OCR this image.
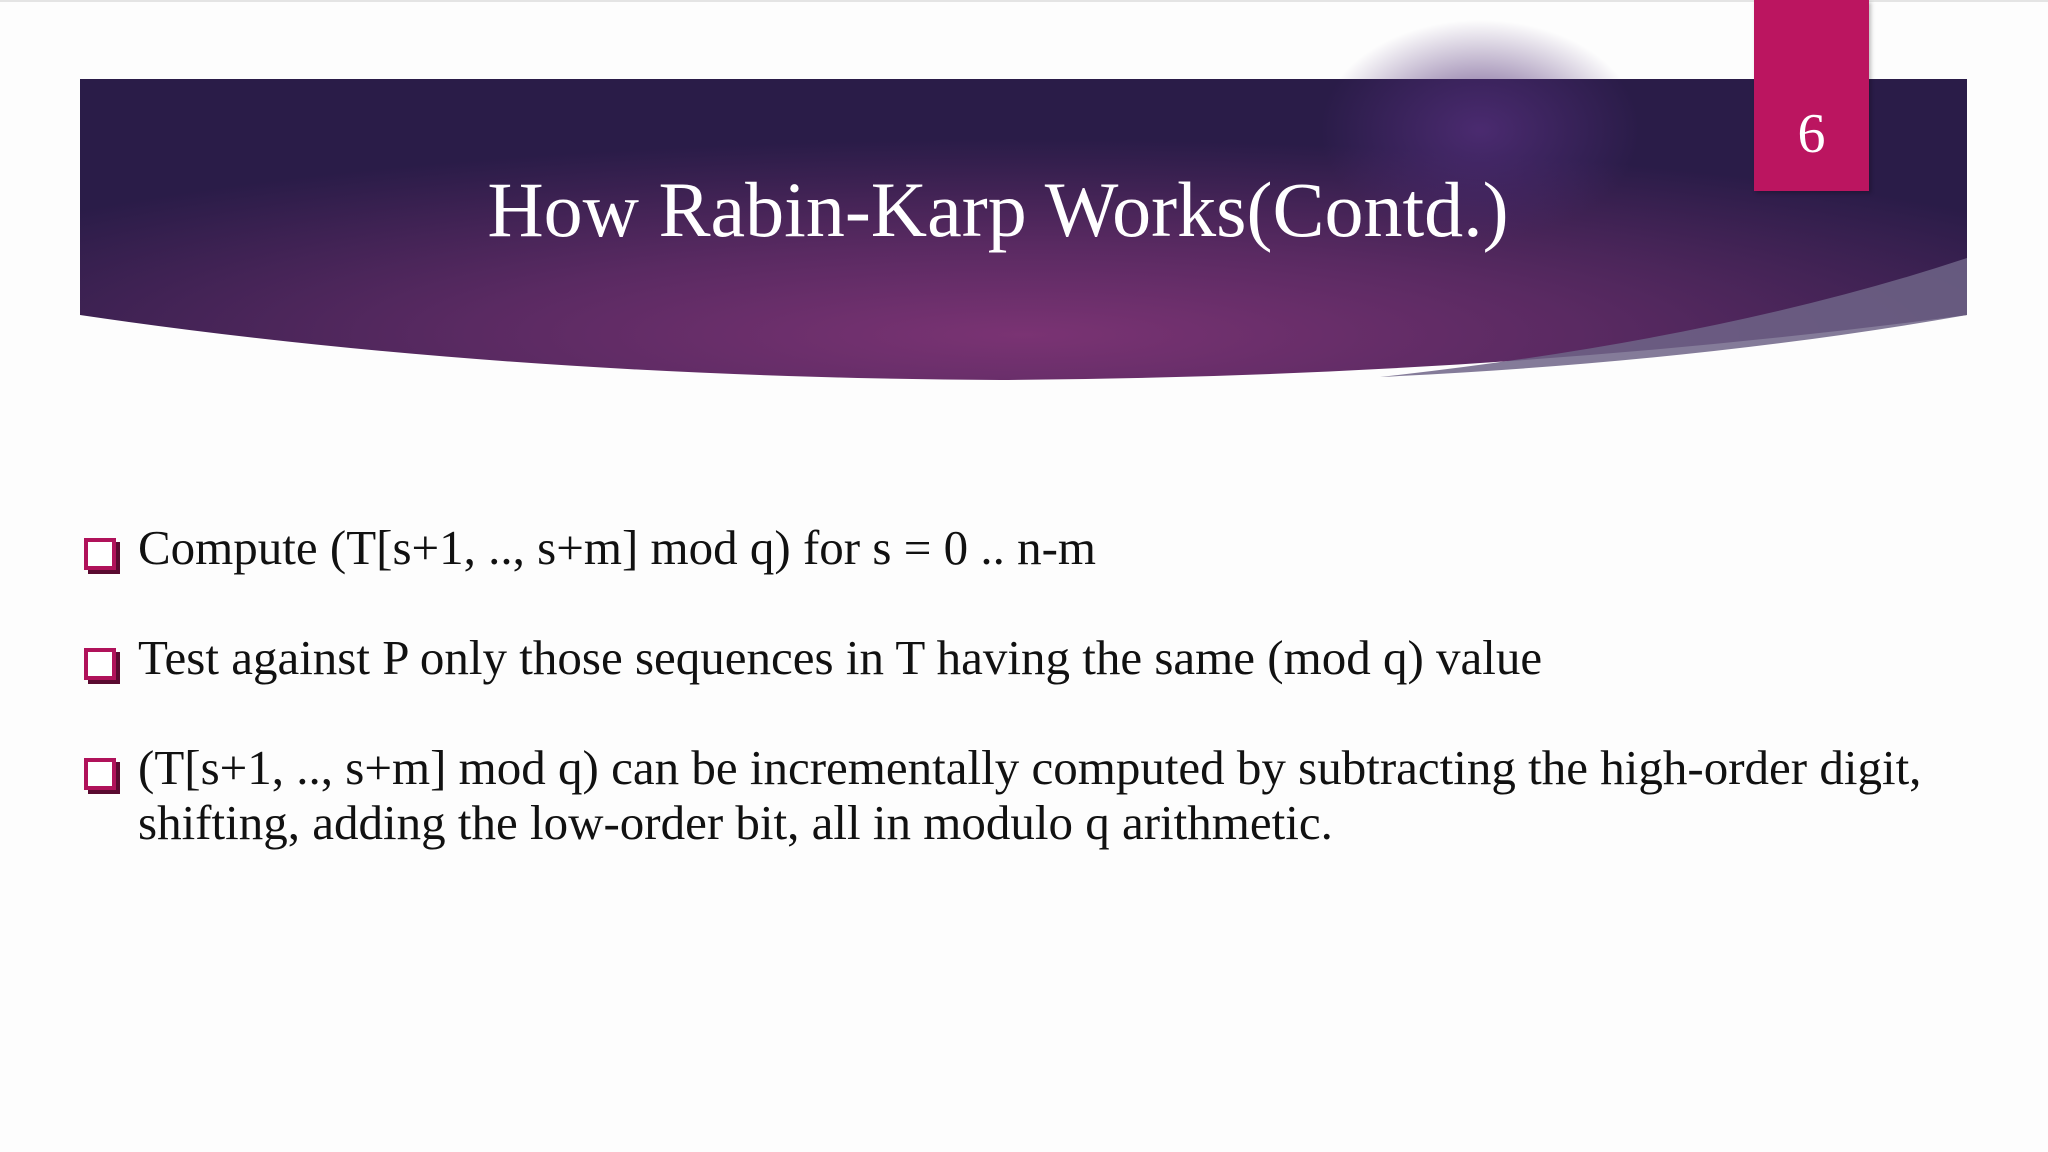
How Rabin-Karp Works(Contd.)
6
Compute (T[s+1, .., s+m] mod q) for s = 0 .. n-m
Test against P only those sequences in T having the same (mod q) value
(T[s+1, .., s+m] mod q) can be incrementally computed by subtracting the high-order digit, shifting, adding the low-order bit, all in modulo q arithmetic.
